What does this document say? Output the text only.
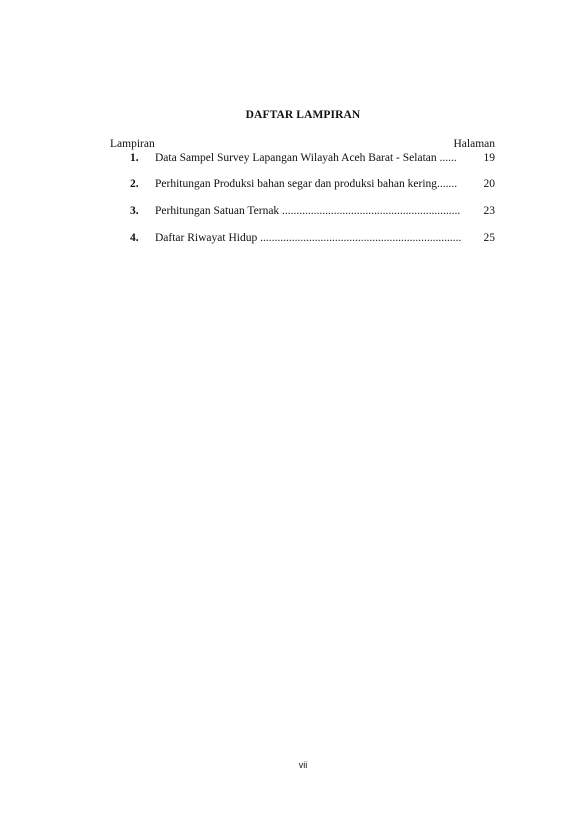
DAFTAR LAMPIRAN
Lampiran	Halaman
1. Data Sampel Survey Lapangan Wilayah Aceh Barat - Selatan ......	19
2. Perhitungan Produksi bahan segar dan produksi bahan kering.......	20
3. Perhitungan Satuan Ternak ..............................................................	23
4. Daftar Riwayat Hidup ......................................................................	25
vii
